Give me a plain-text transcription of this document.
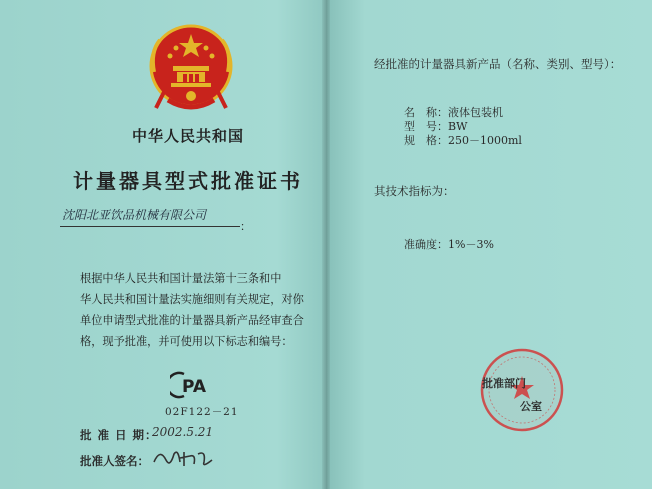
中华人民共和国
计量器具型式批准证书
沈阳北亚饮品机械有限公司
：

根据中华人民共和国计量法第十三条和中

华人民共和国计量法实施细则有关规定，对你

单位申请型式批准的计量器具新产品经审查合

格，现予批准，并可使用以下标志和编号：

PA
02F122－21
批 准 日 期：
2002.5.21
批准人签名：
经批准的计量器具新产品（名称、类别、型号）：
名　称：液体包装机
型　号：BW
规　格：250－1000ml
其技术指标为：
准确度：1%－3%
批准部门
公室
